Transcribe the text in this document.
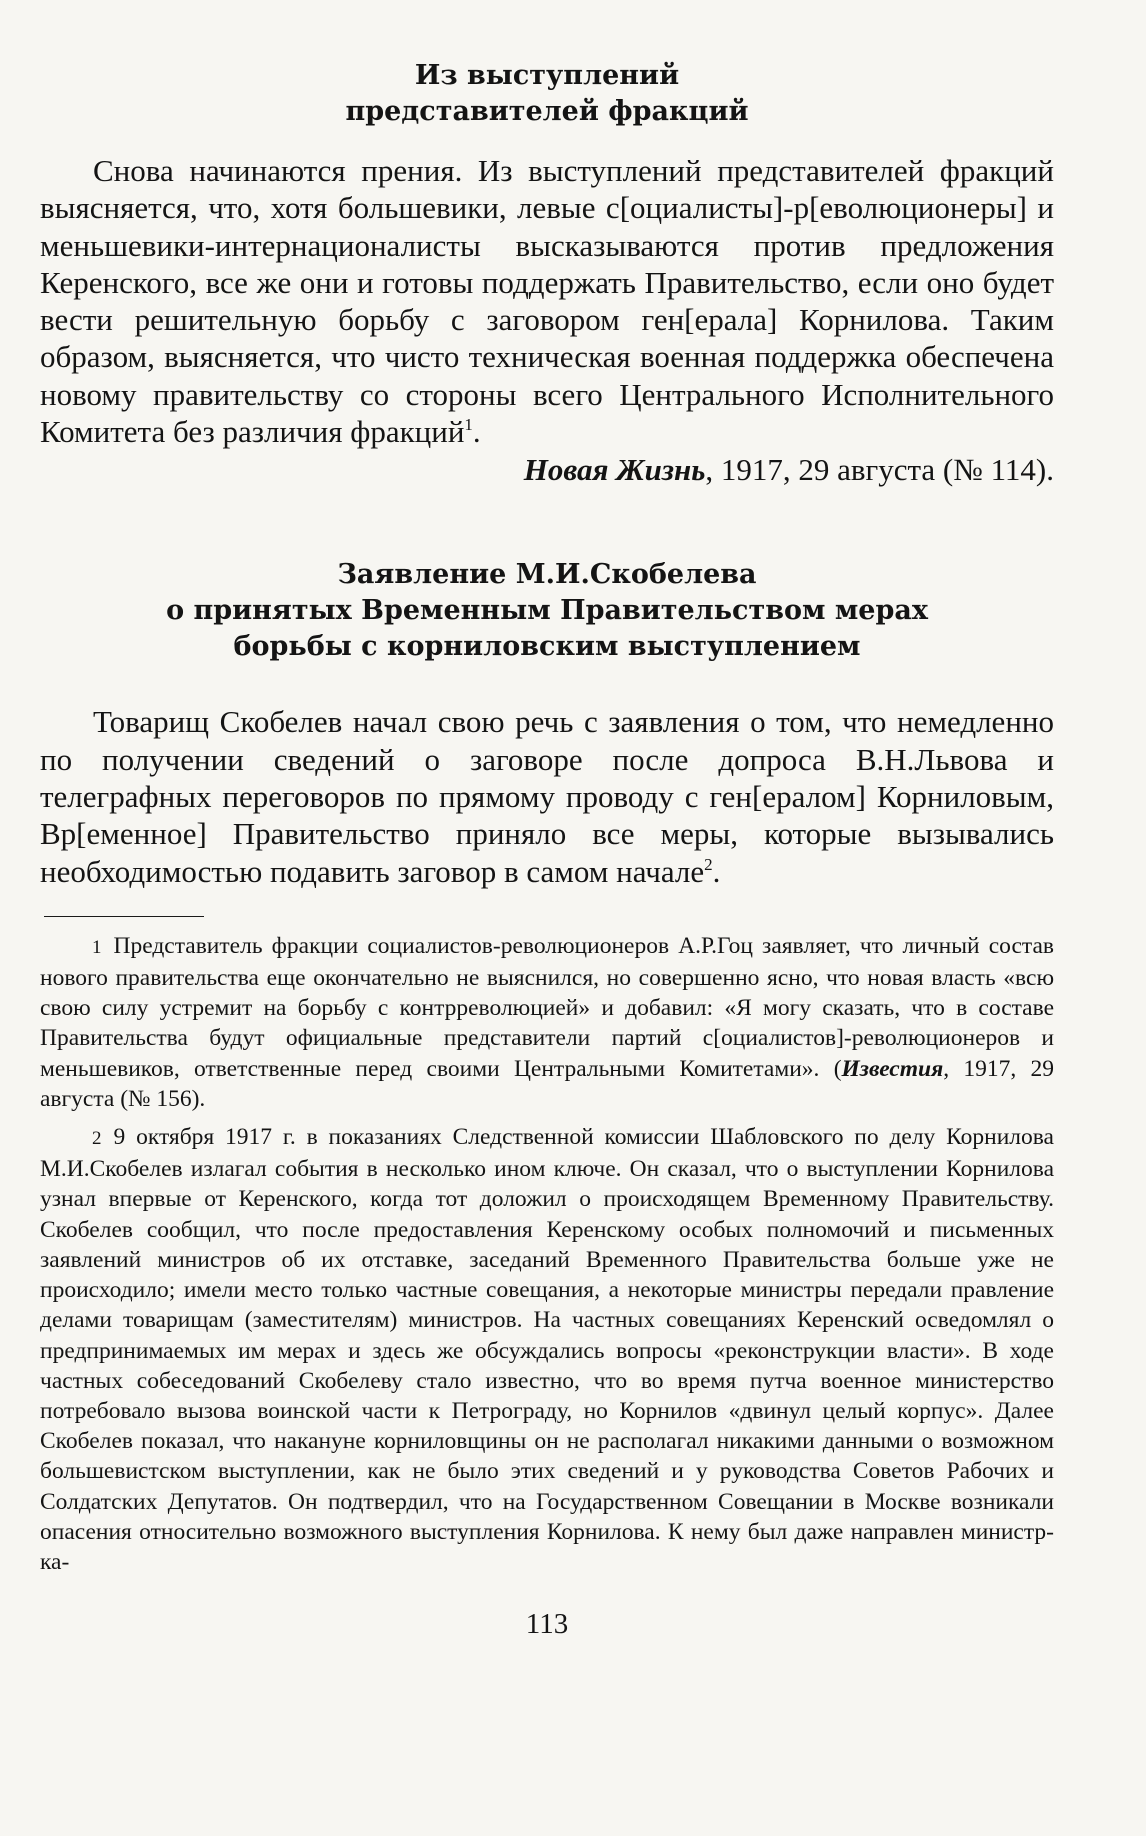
Из выступлений
представителей фракций

Снова начинаются прения. Из выступлений представителей фракций выясняется, что, хотя большевики, левые с[оциалисты]-р[еволюционеры] и меньшевики-интернационалисты высказываются против предложения Керенского, все же они и готовы поддержать Правительство, если оно будет вести решительную борьбу с заговором ген[ерала] Корнилова. Таким образом, выясняется, что чисто техническая военная поддержка обеспечена новому правительству со стороны всего Центрального Исполнительного Комитета без различия фракций$^1$.

Новая Жизнь, 1917, 29 августа (№ 114).

Заявление М.И.Скобелева
о принятых Временным Правительством мерах
борьбы с корниловским выступлением

Товарищ Скобелев начал свою речь с заявления о том, что немедленно по получении сведений о заговоре после допроса В.Н.Львова и телеграфных переговоров по прямому проводу с ген[ералом] Корниловым, Вр[еменное] Правительство приняло все меры, которые вызывались необходимостью подавить заговор в самом начале$^2$.

1 Представитель фракции социалистов-революционеров А.Р.Гоц заявляет, что личный состав нового правительства еще окончательно не выяснился, но совершенно ясно, что новая власть «всю свою силу устремит на борьбу с контрреволюцией» и добавил: «Я могу сказать, что в составе Правительства будут официальные представители партий с[оциалистов]-революционеров и меньшевиков, ответственные перед своими Центральными Комитетами». (Известия, 1917, 29 августа (№ 156).

2 9 октября 1917 г. в показаниях Следственной комиссии Шабловского по делу Корнилова М.И.Скобелев излагал события в несколько ином ключе. Он сказал, что о выступлении Корнилова узнал впервые от Керенского, когда тот доложил о происходящем Временному Правительству. Скобелев сообщил, что после предоставления Керенскому особых полномочий и письменных заявлений министров об их отставке, заседаний Временного Правительства больше уже не происходило; имели место только частные совещания, а некоторые министры передали правление делами товарищам (заместителям) министров. На частных совещаниях Керенский осведомлял о предпринимаемых им мерах и здесь же обсуждались вопросы «реконструкции власти». В ходе частных собеседований Скобелеву стало известно, что во время путча военное министерство потребовало вызова воинской части к Петрограду, но Корнилов «двинул целый корпус». Далее Скобелев показал, что накануне корниловщины он не располагал никакими данными о возможном большевистском выступлении, как не было этих сведений и у руководства Советов Рабочих и Солдатских Депутатов. Он подтвердил, что на Государственном Совещании в Москве возникали опасения относительно возможного выступления Корнилова. К нему был даже направлен министр-ка-

113
